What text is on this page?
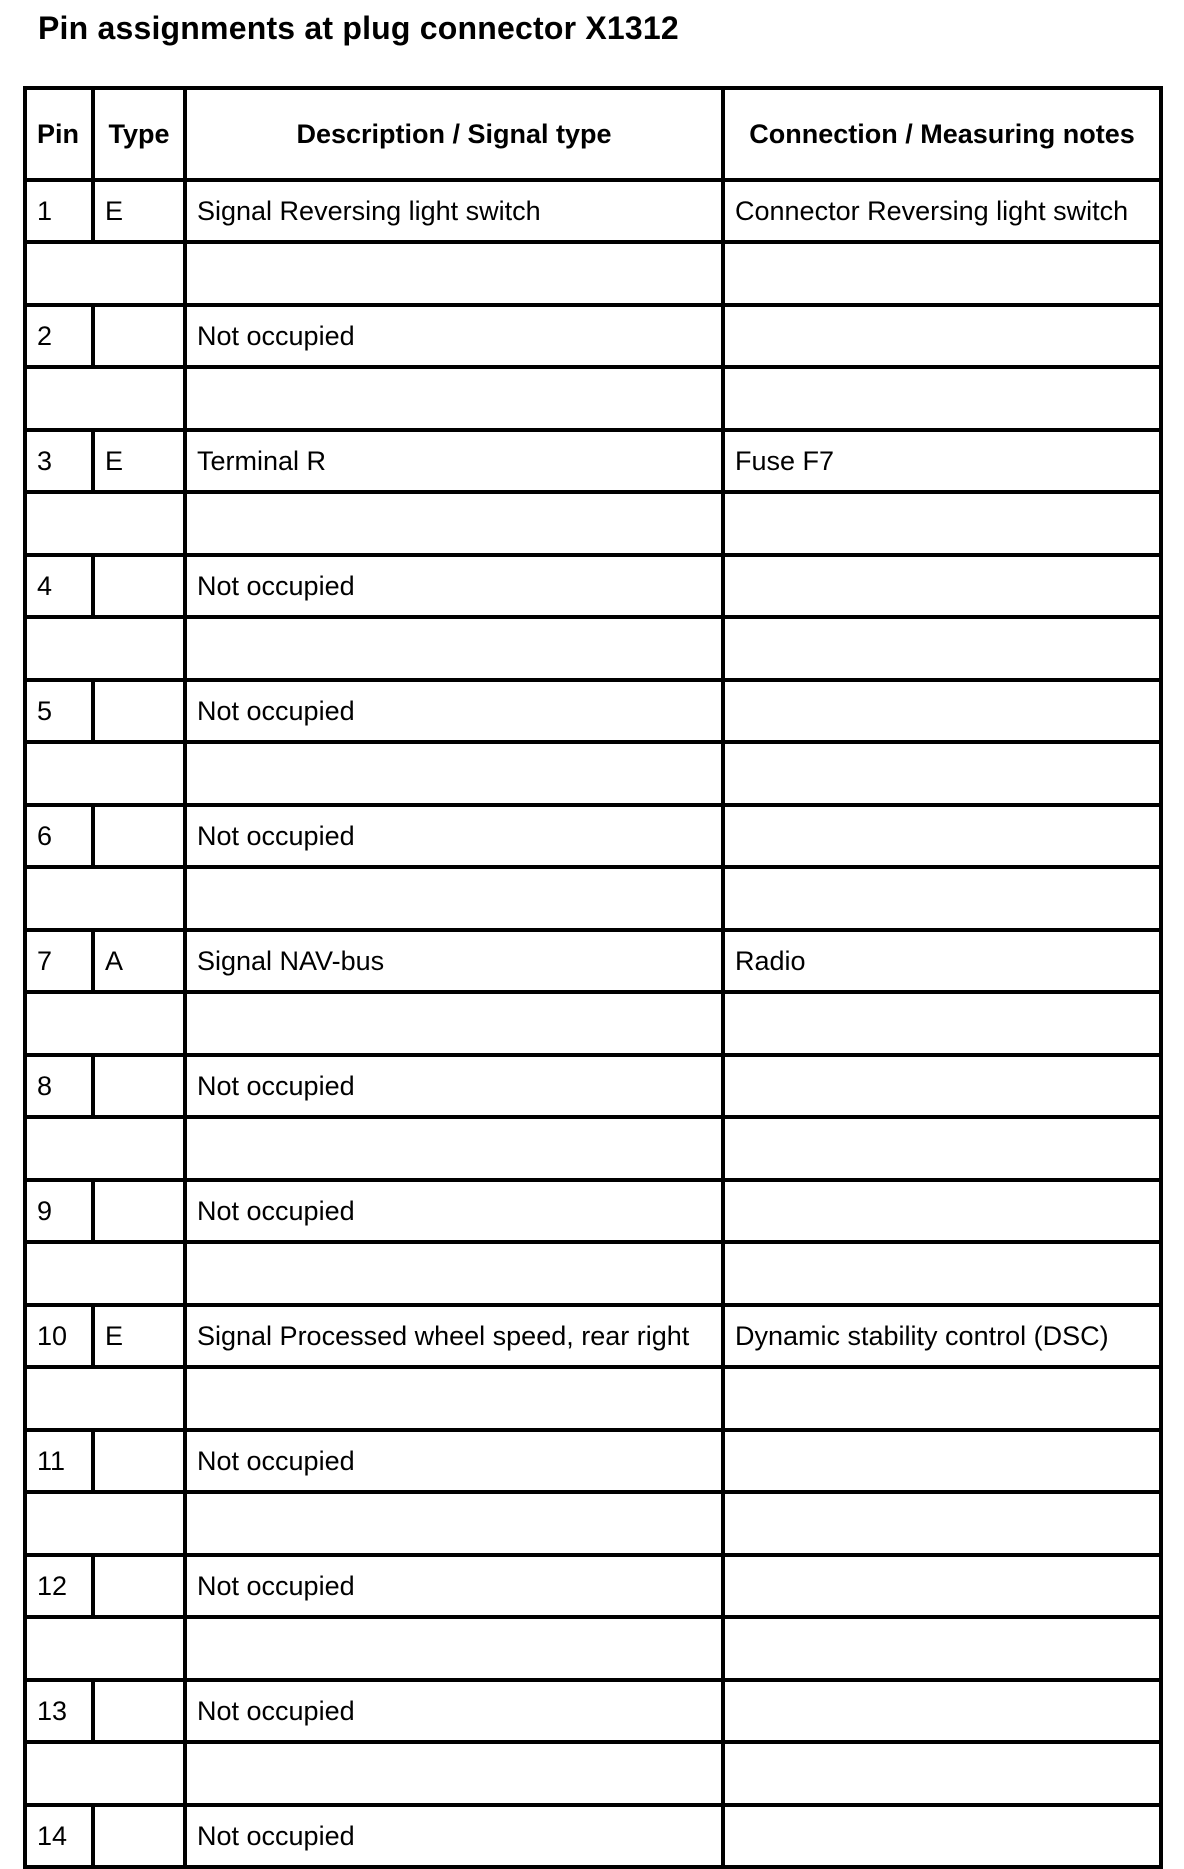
Pin assignments at plug connector X1312
Pin	Type	Description / Signal type	Connection / Measuring notes
1	E	Signal Reversing light switch	Connector Reversing light switch

2		Not occupied	

3	E	Terminal R	Fuse F7

4		Not occupied	

5		Not occupied	

6		Not occupied	

7	A	Signal NAV-bus	Radio

8		Not occupied	

9		Not occupied	

10	E	Signal Processed wheel speed, rear right	Dynamic stability control (DSC)

11		Not occupied	

12		Not occupied	

13		Not occupied	

14		Not occupied	
